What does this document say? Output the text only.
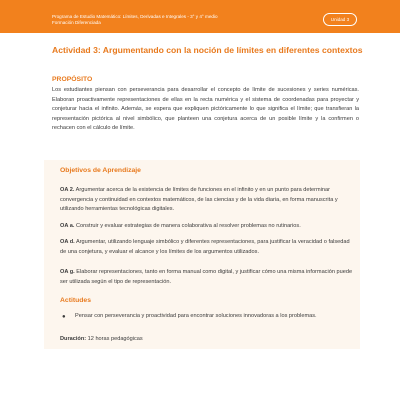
Programa de Estudio Matemático: Límites, Derivadas e Integrales - 3° y 4° medio
Formación Diferenciada
Unidad 3
Actividad 3: Argumentando con la noción de límites en diferentes contextos
PROPÓSITO
Los estudiantes piensan con perseverancia para desarrollar el concepto de límite de sucesiones y series numéricas. Elaboran proactivamente representaciones de ellas en la recta numérica y el sistema de coordenadas para proyectar y conjeturar hacia el infinito. Además, se espera que expliquen pictóricamente lo que significa el límite; que transfieran la representación pictórica al nivel simbólico, que planteen una conjetura acerca de un posible límite y la confirmen o rechacen con el cálculo de límite.
Objetivos de Aprendizaje
OA 2. Argumentar acerca de la existencia de límites de funciones en el infinito y en un punto para determinar convergencia y continuidad en contextos matemáticos, de las ciencias y de la vida diaria, en forma manuscrita y utilizando herramientas tecnológicas digitales.
OA a. Construir y evaluar estrategias de manera colaborativa al resolver problemas no rutinarios.
OA d. Argumentar, utilizando lenguaje simbólico y diferentes representaciones, para justificar la veracidad o falsedad de una conjetura, y evaluar el alcance y los límites de los argumentos utilizados.
OA g. Elaborar representaciones, tanto en forma manual como digital, y justificar cómo una misma información puede ser utilizada según el tipo de representación.
Actitudes
● Pensar con perseverancia y proactividad para encontrar soluciones innovadoras a los problemas.
Duración: 12 horas pedagógicas
